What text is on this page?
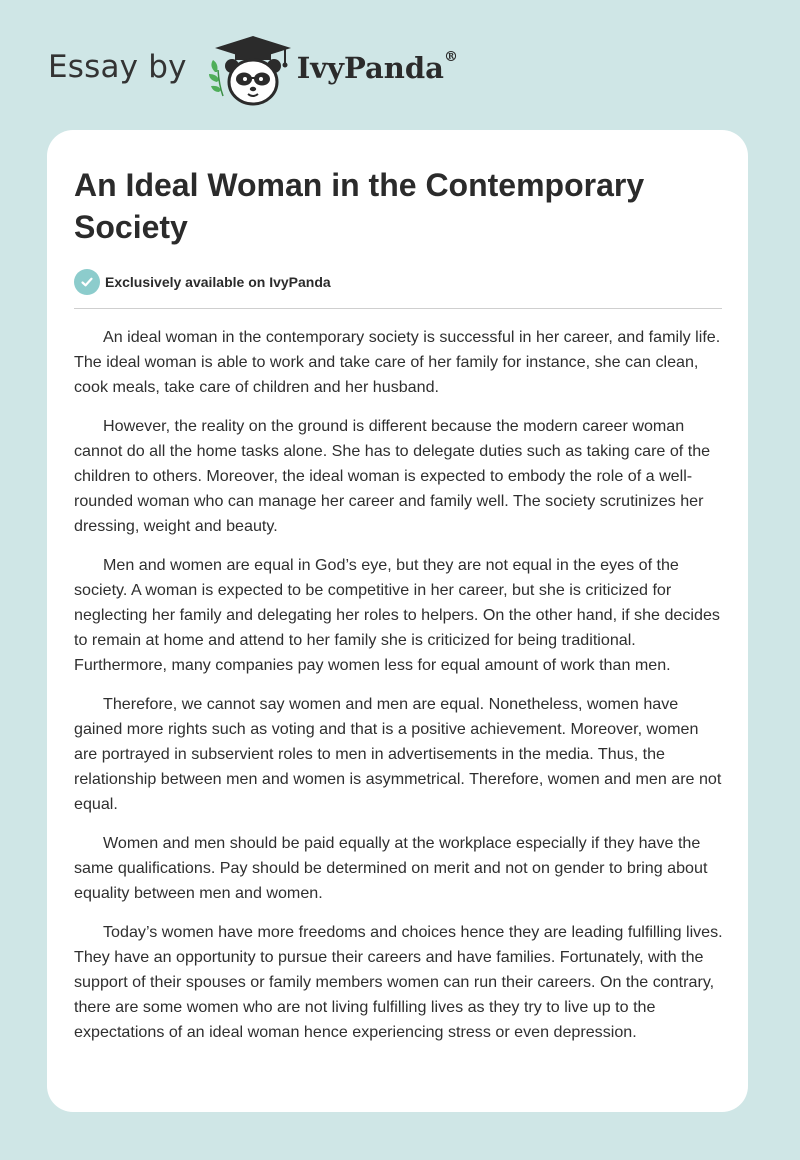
Essay by	IvyPanda®
An Ideal Woman in the Contemporary Society
Exclusively available on IvyPanda

An ideal woman in the contemporary society is successful in her career, and family life. The ideal woman is able to work and take care of her family for instance, she can clean, cook meals, take care of children and her husband.

However, the reality on the ground is different because the modern career woman cannot do all the home tasks alone. She has to delegate duties such as taking care of the children to others. Moreover, the ideal woman is expected to embody the role of a well-rounded woman who can manage her career and family well. The society scrutinizes her dressing, weight and beauty.

Men and women are equal in God’s eye, but they are not equal in the eyes of the society. A woman is expected to be competitive in her career, but she is criticized for neglecting her family and delegating her roles to helpers. On the other hand, if she decides to remain at home and attend to her family she is criticized for being traditional. Furthermore, many companies pay women less for equal amount of work than men.

Therefore, we cannot say women and men are equal. Nonetheless, women have gained more rights such as voting and that is a positive achievement. Moreover, women are portrayed in subservient roles to men in advertisements in the media. Thus, the relationship between men and women is asymmetrical. Therefore, women and men are not equal.

Women and men should be paid equally at the workplace especially if they have the same qualifications. Pay should be determined on merit and not on gender to bring about equality between men and women.

Today’s women have more freedoms and choices hence they are leading fulfilling lives. They have an opportunity to pursue their careers and have families. Fortunately, with the support of their spouses or family members women can run their careers. On the contrary, there are some women who are not living fulfilling lives as they try to live up to the expectations of an ideal woman hence experiencing stress or even depression.
